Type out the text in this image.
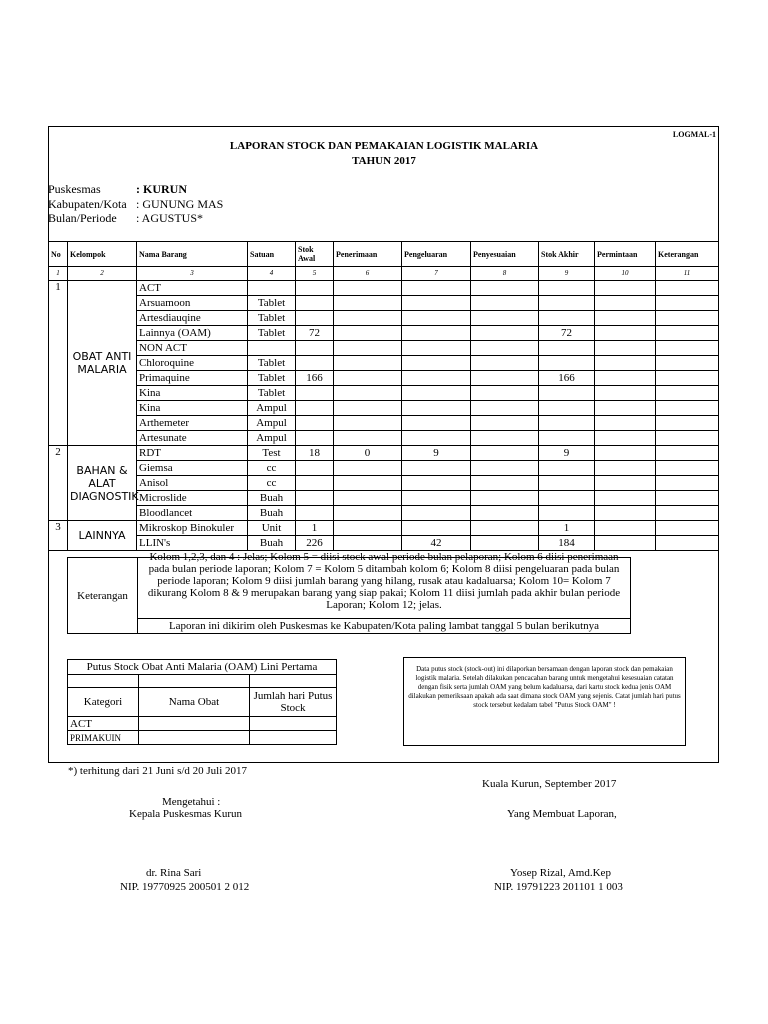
LOGMAL-1
LAPORAN STOCK DAN PEMAKAIAN LOGISTIK MALARIA
TAHUN 2017
Puskesmas	: KURUN
Kabupaten/Kota : GUNUNG MAS
Bulan/Periode : AGUSTUS*
No	Kelompok	Nama Barang	Satuan	Stok Awal	Penerimaan	Pengeluaran	Penyesuaian	Stok Akhir	Permintaan	Keterangan
1	2	3	4	5	6	7	8	9	10	11
1	OBAT ANTI MALARIA	ACT								
		Arsuamoon	Tablet							
		Artesdiauqine	Tablet							
		Lainnya (OAM)	Tablet	72				72		
		NON ACT								
		Chloroquine	Tablet							
		Primaquine	Tablet	166				166		
		Kina	Tablet							
		Kina	Ampul							
		Arthemeter	Ampul							
		Artesunate	Ampul							
2	BAHAN & ALAT DIAGNOSTIK	RDT	Test	18	0	9		9		
		Giemsa	cc							
		Anisol	cc							
		Microslide	Buah							
		Bloodlancet	Buah							
3	LAINNYA	Mikroskop Binokuler	Unit	1				1		
		LLIN's	Buah	226		42		184		
Keterangan	
Kolom 1,2,3, dan 4 : Jelas; Kolom 5 = diisi stock awal periode bulan pelaporan; Kolom 6 diisi penerimaan
pada bulan periode laporan; Kolom 7 = Kolom 5 ditambah kolom 6; Kolom 8 diisi pengeluaran pada bulan periode laporan; Kolom 9 diisi jumlah barang yang hilang, rusak atau kadaluarsa; Kolom 10= Kolom 7 dikurang Kolom 8 & 9 merupakan barang yang siap pakai; Kolom 11 diisi jumlah pada akhir bulan periode Laporan; Kolom 12; jelas.

Laporan ini dikirim oleh Puskesmas ke Kabupaten/Kota paling lambat tanggal 5 bulan berikutnya
Putus Stock Obat Anti Malaria (OAM) Lini Pertama		

Kategori	Nama Obat	Jumlah hari Putus Stock
ACT		
PRIMAKUIN		
Data putus stock (stock-out) ini dilaporkan bersamaan dengan laporan stock dan pemakaian logistik malaria. Setelah dilakukan pencacahan barang untuk mengetahui kesesuaian catatan dengan fisik serta jumlah OAM yang belum kadaluarsa, dari kartu stock kedua jenis OAM dilakukan pemeriksaan apakah ada saat dimana stock OAM yang sejenis. Catat jumlah hari putus stock tersebut kedalam tabel "Putus Stock OAM" !
*) terhitung dari 21 Juni s/d 20 Juli 2017
Kuala Kurun, September 2017
Mengetahui :
Kepala Puskesmas Kurun	Yang Membuat Laporan,
dr. Rina Sari
NIP. 19770925 200501 2 012
Yosep Rizal, Amd.Kep
NIP. 19791223 201101 1 003
